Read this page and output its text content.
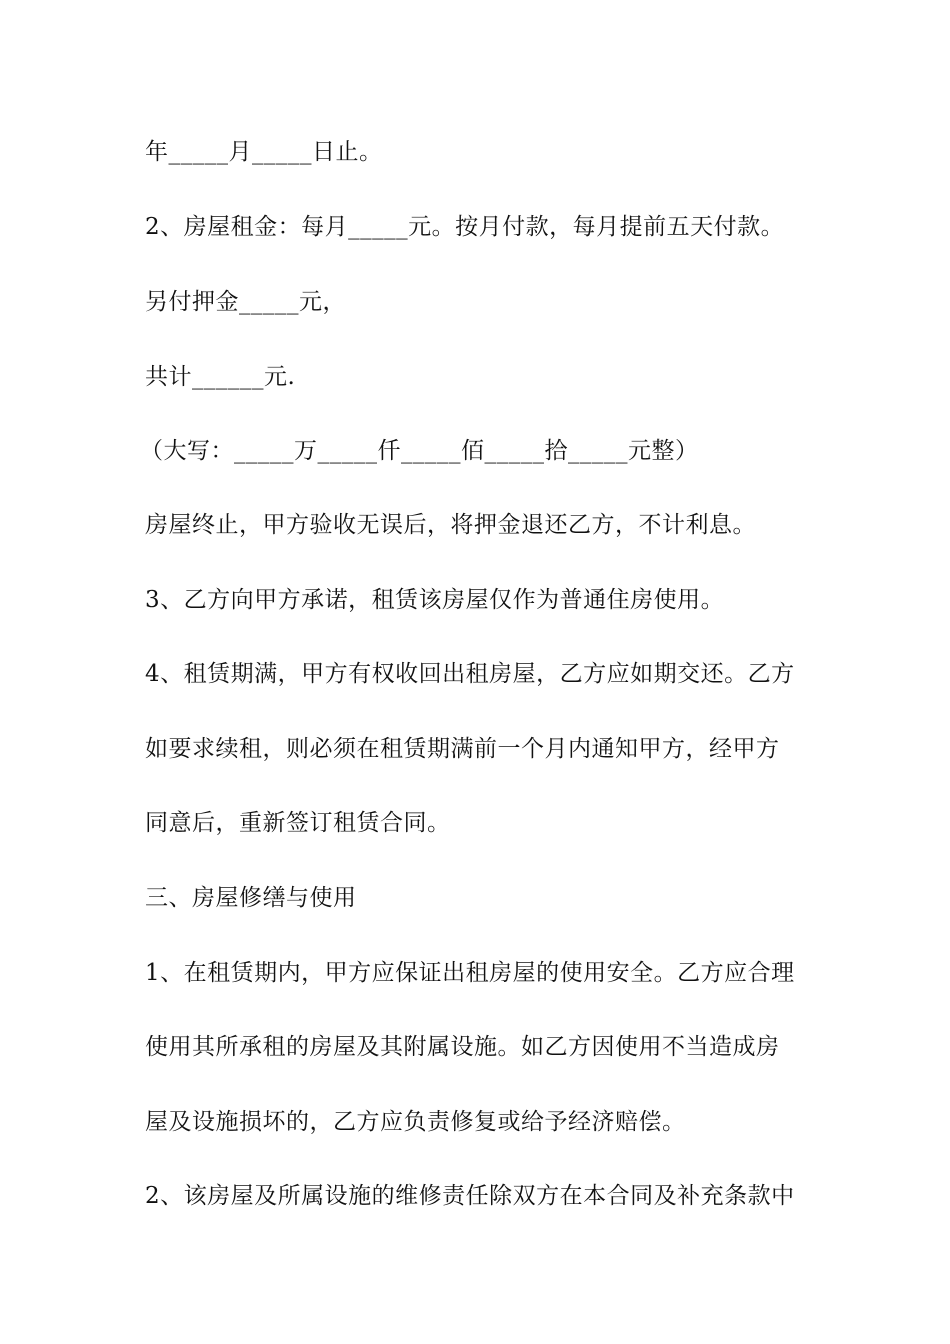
年_____月_____日止。
2、房屋租金：每月_____元。按月付款，每月提前五天付款。
另付押金_____元，
共计______元.
（大写：_____万_____仟_____佰_____拾_____元整）
房屋终止，甲方验收无误后，将押金退还乙方，不计利息。
3、乙方向甲方承诺，租赁该房屋仅作为普通住房使用。
4、租赁期满，甲方有权收回出租房屋，乙方应如期交还。乙方
如要求续租，则必须在租赁期满前一个月内通知甲方，经甲方
同意后，重新签订租赁合同。
三、房屋修缮与使用
1、在租赁期内，甲方应保证出租房屋的使用安全。乙方应合理
使用其所承租的房屋及其附属设施。如乙方因使用不当造成房
屋及设施损坏的，乙方应负责修复或给予经济赔偿。
2、该房屋及所属设施的维修责任除双方在本合同及补充条款中
